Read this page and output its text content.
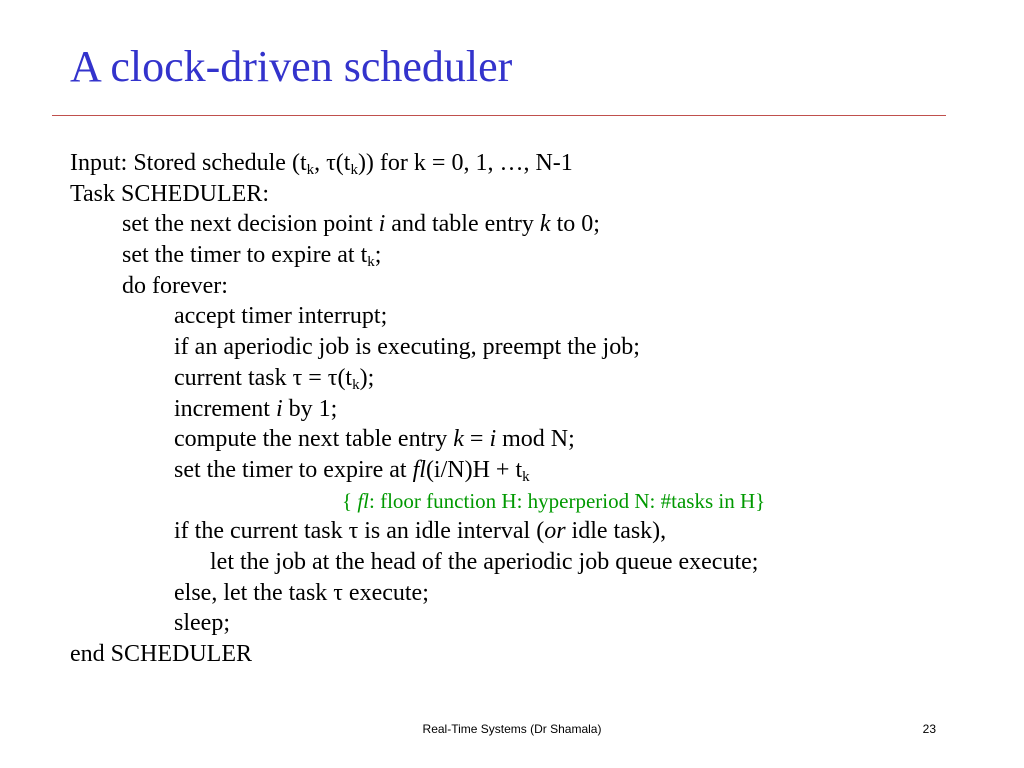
A clock-driven scheduler
Input: Stored schedule ($t_k$, $\tau(t_k)$) for k = 0, 1, …, N-1
Task SCHEDULER:
set the next decision point i and table entry k to 0;
set the timer to expire at $t_k$;
do forever:
accept timer interrupt;
if an aperiodic job is executing, preempt the job;
current task $\tau = \tau(t_k)$;
increment i by 1;
compute the next table entry k = i mod N;
set the timer to expire at $fl(i/N)H + t_k$
{ fl: floor function H: hyperperiod N: #tasks in H}
if the current task τ is an idle interval (or idle task),
let the job at the head of the aperiodic job queue execute;
else, let the task τ execute;
sleep;
end SCHEDULER
Real-Time Systems (Dr Shamala)	23
